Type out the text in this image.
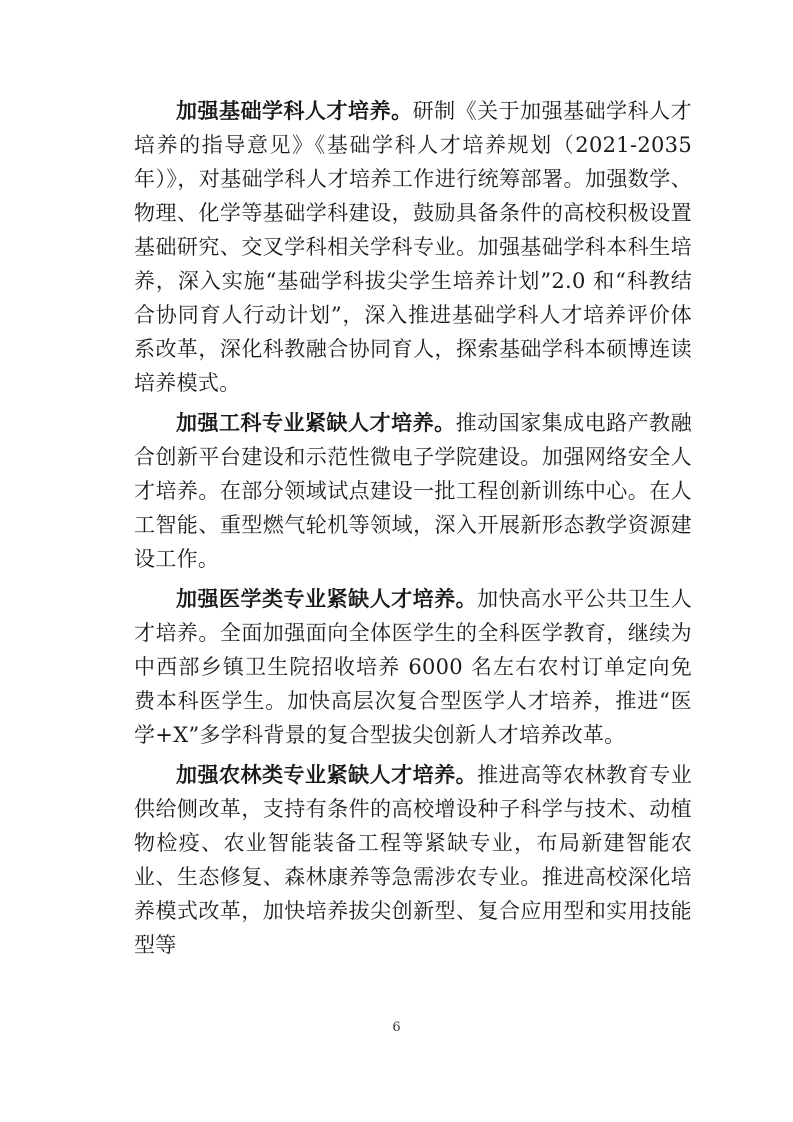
加强基础学科人才培养。研制《关于加强基础学科人才培养的指导意见》《基础学科人才培养规划（2021-2035 年）》，对基础学科人才培养工作进行统筹部署。加强数学、物理、化学等基础学科建设，鼓励具备条件的高校积极设置基础研究、交叉学科相关学科专业。加强基础学科本科生培养，深入实施“基础学科拔尖学生培养计划”2.0 和“科教结合协同育人行动计划”，深入推进基础学科人才培养评价体系改革，深化科教融合协同育人，探索基础学科本硕博连读培养模式。

加强工科专业紧缺人才培养。推动国家集成电路产教融合创新平台建设和示范性微电子学院建设。加强网络安全人才培养。在部分领域试点建设一批工程创新训练中心。在人工智能、重型燃气轮机等领域，深入开展新形态教学资源建设工作。

加强医学类专业紧缺人才培养。加快高水平公共卫生人才培养。全面加强面向全体医学生的全科医学教育，继续为中西部乡镇卫生院招收培养 6000 名左右农村订单定向免费本科医学生。加快高层次复合型医学人才培养，推进“医学+X”多学科背景的复合型拔尖创新人才培养改革。

加强农林类专业紧缺人才培养。推进高等农林教育专业供给侧改革，支持有条件的高校增设种子科学与技术、动植物检疫、农业智能装备工程等紧缺专业，布局新建智能农业、生态修复、森林康养等急需涉农专业。推进高校深化培养模式改革，加快培养拔尖创新型、复合应用型和实用技能型等

6
